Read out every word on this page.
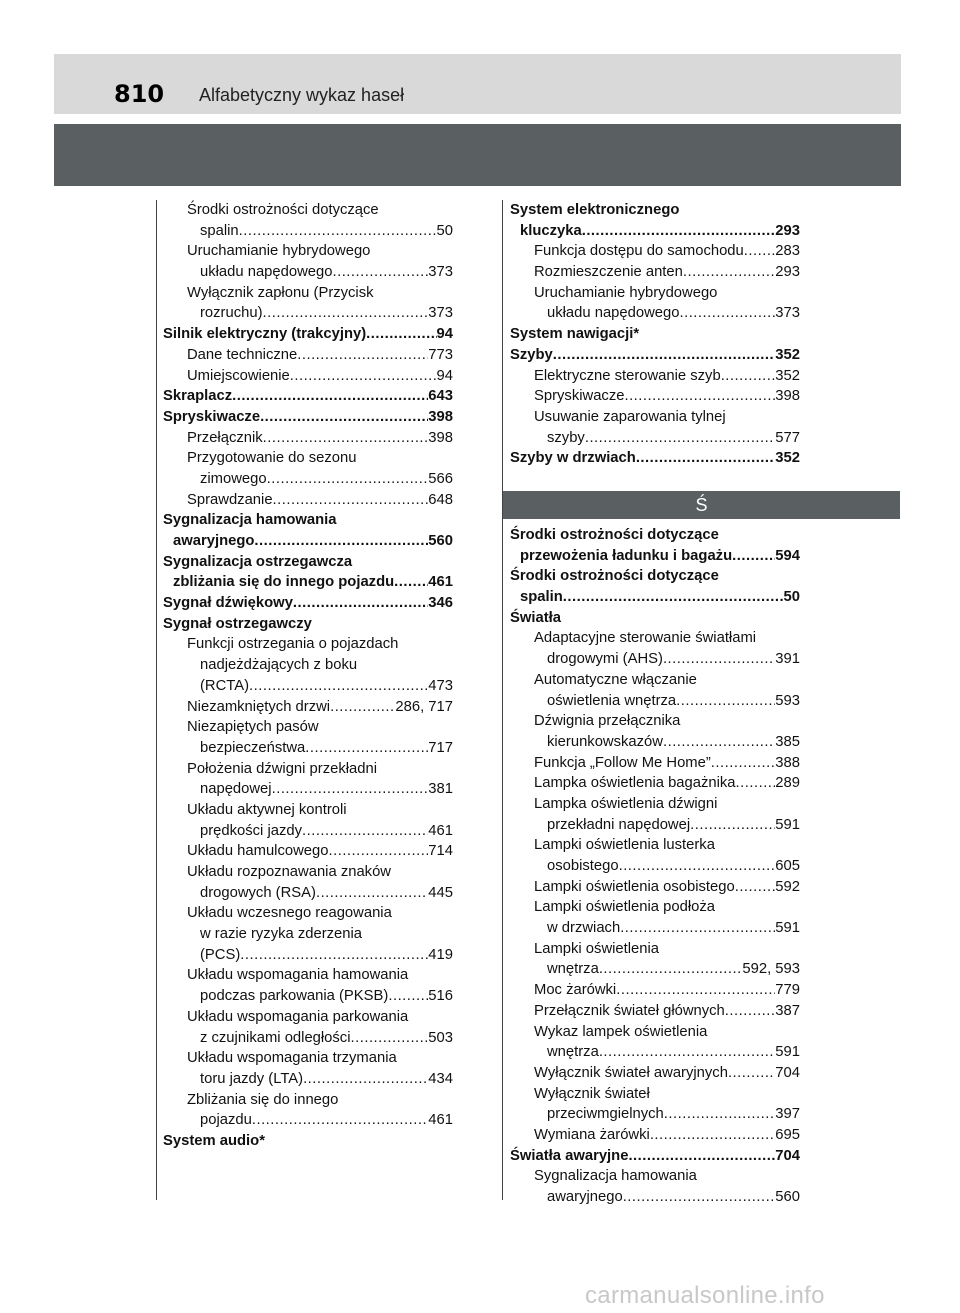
810 Alfabetyczny wykaz haseł
Środki ostrożności dotyczące
spalin .....	50
Uruchamianie hybrydowego
układu napędowego .....	373
Wyłącznik zapłonu (Przycisk
rozruchu) .....	373
Silnik elektryczny (trakcyjny) .....	94
Dane techniczne .....	773
Umiejscowienie .....	94
Skraplacz .....	643
Spryskiwacze .....	398
Przełącznik .....	398
Przygotowanie do sezonu
zimowego .....	566
Sprawdzanie .....	648
Sygnalizacja hamowania
awaryjnego .....	560
Sygnalizacja ostrzegawcza
zbliżania się do innego pojazdu ..... 461
Sygnał dźwiękowy .....	346
Sygnał ostrzegawczy
Funkcji ostrzegania o pojazdach
nadjeżdżających z boku
(RCTA) .....	473
Niezamkniętych drzwi .....	286, 717
Niezapiętych pasów
bezpieczeństwa .....	717
Położenia dźwigni przekładni
napędowej .....	381
Układu aktywnej kontroli
prędkości jazdy .....	461
Układu hamulcowego .....	714
Układu rozpoznawania znaków
drogowych (RSA) .....	445
Układu wczesnego reagowania
w razie ryzyka zderzenia
(PCS) .....	419
Układu wspomagania hamowania
podczas parkowania (PKSB) .....	516
Układu wspomagania parkowania
z czujnikami odległości .....	503
Układu wspomagania trzymania
toru jazdy (LTA) .....	434
Zbliżania się do innego
pojazdu .....	461
System audio*
System elektronicznego
kluczyka .....	293
Funkcja dostępu do samochodu ..... 283
Rozmieszczenie anten .....	293
Uruchamianie hybrydowego
układu napędowego .....	373
System nawigacji*
Szyby .....	352
Elektryczne sterowanie szyb .....	352
Spryskiwacze .....	398
Usuwanie zaparowania tylnej
szyby .....	577
Szyby w drzwiach .....	352
Ś
Środki ostrożności dotyczące
przewożenia ładunku i bagażu .....	594
Środki ostrożności dotyczące
spalin .....	50
Światła
Adaptacyjne sterowanie światłami
drogowymi (AHS) .....	391
Automatyczne włączanie
oświetlenia wnętrza .....	593
Dźwignia przełącznika
kierunkowskazów .....	385
Funkcja „Follow Me Home” .....	388
Lampka oświetlenia bagażnika .....	289
Lampka oświetlenia dźwigni
przekładni napędowej .....	591
Lampki oświetlenia lusterka
osobistego .....	605
Lampki oświetlenia osobistego .....	592
Lampki oświetlenia podłoża
w drzwiach .....	591
Lampki oświetlenia
wnętrza .....	592, 593
Moc żarówki .....	779
Przełącznik świateł głównych .....	387
Wykaz lampek oświetlenia
wnętrza .....	591
Wyłącznik świateł awaryjnych .....	704
Wyłącznik świateł
przeciwmgielnych .....	397
Wymiana żarówki .....	695
Światła awaryjne .....	704
Sygnalizacja hamowania
awaryjnego .....	560
carmanualsonline.info
